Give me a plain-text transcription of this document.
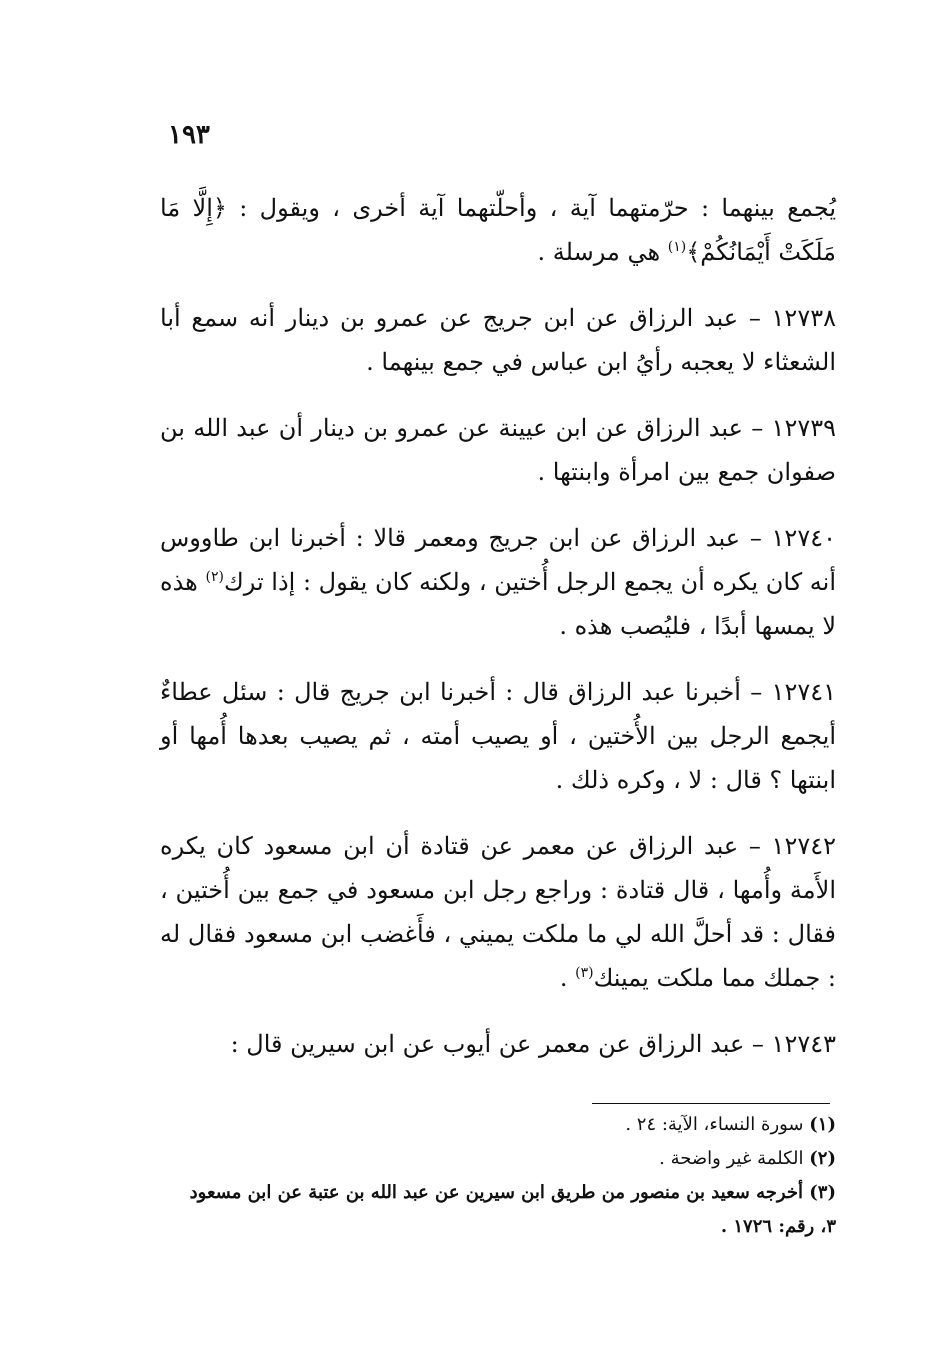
١٩٣

يُجمع بينهما : حرّمتهما آية ، وأحلّتهما آية أخرى ، ويقول : ﴿إِلَّا مَا مَلَكَتْ أَيْمَانُكُمْ﴾$^{(١)}$ هي مرسلة .

١٢٧٣٨ – عبد الرزاق عن ابن جريج عن عمرو بن دينار أنه سمع أبا الشعثاء لا يعجبه رأيُ ابن عباس في جمع بينهما .

١٢٧٣٩ – عبد الرزاق عن ابن عيينة عن عمرو بن دينار أن عبد الله بن صفوان جمع بين امرأة وابنتها .

١٢٧٤٠ – عبد الرزاق عن ابن جريج ومعمر قالا : أخبرنا ابن طاووس أنه كان يكره أن يجمع الرجل أُختين ، ولكنه كان يقول : إذا ترك$^{(٢)}$ هذه لا يمسها أبدًا ، فليُصب هذه .

١٢٧٤١ – أخبرنا عبد الرزاق قال : أخبرنا ابن جريج قال : سئل عطاءٌ أيجمع الرجل بين الأُختين ، أو يصيب أمته ، ثم يصيب بعدها أُمها أو ابنتها ؟ قال : لا ، وكره ذلك .

١٢٧٤٢ – عبد الرزاق عن معمر عن قتادة أن ابن مسعود كان يكره الأَمة وأُمها ، قال قتادة : وراجع رجل ابن مسعود في جمع بين أُختين ، فقال : قد أحلَّ الله لي ما ملكت يميني ، فأَغضب ابن مسعود فقال له : جملك مما ملكت يمينك$^{(٣)}$ .

١٢٧٤٣ – عبد الرزاق عن معمر عن أيوب عن ابن سيرين قال :

(١) سورة النساء، الآية: ٢٤ .

(٢) الكلمة غير واضحة .

(٣) أخرجه سعيد بن منصور من طريق ابن سيرين عن عبد الله بن عتبة عن ابن مسعود

٣، رقم: ١٧٢٦ .
